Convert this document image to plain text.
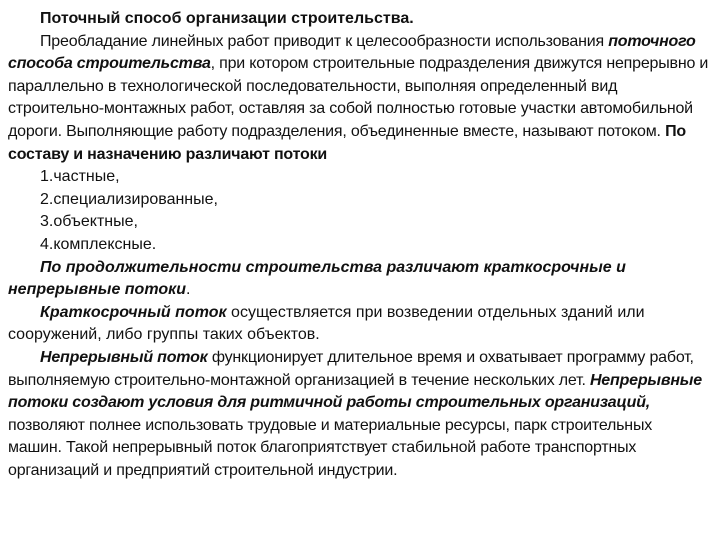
Поточный способ организации строительства.

Преобладание линейных работ приводит к целесообразности использования поточного способа строительства, при котором строительные подразделения движутся непрерывно и параллельно в технологической последовательности, выполняя определенный вид строительно-монтажных работ, оставляя за собой полностью готовые участки автомобильной дороги. Выполняющие работу подразделения, объединенные вместе, называют потоком. По составу и назначению различают потоки

1.частные,

2.специализированные,

3.объектные,

4.комплексные.

По продолжительности строительства различают краткосрочные и непрерывные потоки.

Краткосрочный поток осуществляется при возведении отдельных зданий или сооружений, либо группы таких объектов.

Непрерывный поток функционирует длительное время и охватывает программу работ, выполняемую строительно-монтажной организацией в течение нескольких лет. Непрерывные потоки создают условия для ритмичной работы строительных организаций, позволяют полнее использовать трудовые и материальные ресурсы, парк строительных машин. Такой непрерывный поток благоприятствует стабильной работе транспортных организаций и предприятий строительной индустрии.
